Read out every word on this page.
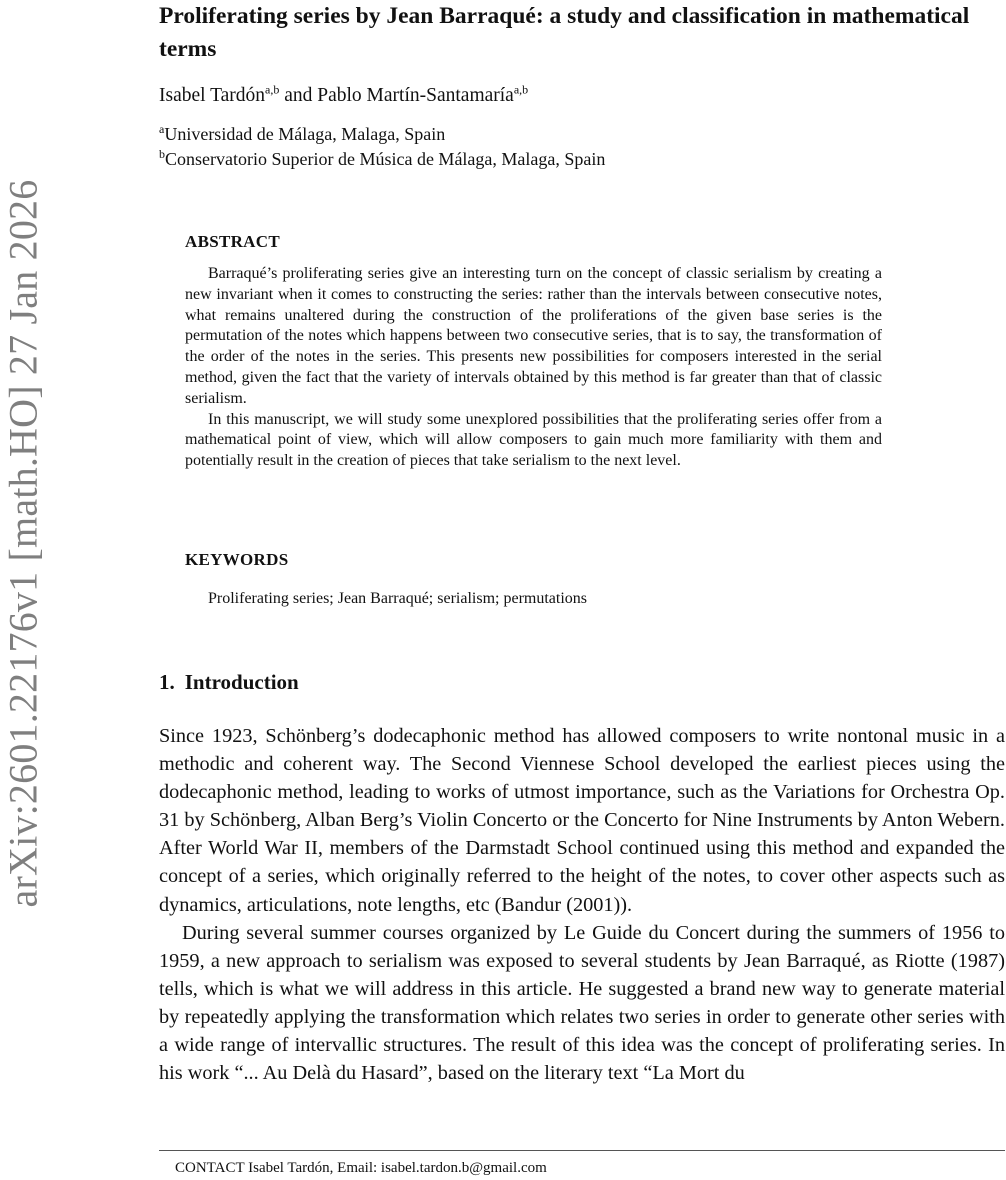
arXiv:2601.22176v1 [math.HO] 27 Jan 2026
Proliferating series by Jean Barraqué: a study and classification in mathematical terms
Isabel Tardón$^{a,b}$ and Pablo Martín-Santamaría$^{a,b}$
$^a$Universidad de Málaga, Malaga, Spain
$^b$Conservatorio Superior de Música de Málaga, Malaga, Spain
ABSTRACT

Barraqué’s proliferating series give an interesting turn on the concept of classic serialism by creating a new invariant when it comes to constructing the series: rather than the intervals between consecutive notes, what remains unaltered during the construction of the proliferations of the given base series is the permutation of the notes which happens between two consecutive series, that is to say, the transformation of the order of the notes in the series. This presents new possibilities for composers interested in the serial method, given the fact that the variety of intervals obtained by this method is far greater than that of classic serialism.

In this manuscript, we will study some unexplored possibilities that the proliferating series offer from a mathematical point of view, which will allow composers to gain much more familiarity with them and potentially result in the creation of pieces that take serialism to the next level.

KEYWORDS

Proliferating series; Jean Barraqué; serialism; permutations

1. Introduction

Since 1923, Schönberg’s dodecaphonic method has allowed composers to write nontonal music in a methodic and coherent way. The Second Viennese School developed the earliest pieces using the dodecaphonic method, leading to works of utmost importance, such as the Variations for Orchestra Op. 31 by Schönberg, Alban Berg’s Violin Concerto or the Concerto for Nine Instruments by Anton Webern. After World War II, members of the Darmstadt School continued using this method and expanded the concept of a series, which originally referred to the height of the notes, to cover other aspects such as dynamics, articulations, note lengths, etc (Bandur (2001)).

During several summer courses organized by Le Guide du Concert during the summers of 1956 to 1959, a new approach to serialism was exposed to several students by Jean Barraqué, as Riotte (1987) tells, which is what we will address in this article. He suggested a brand new way to generate material by repeatedly applying the transformation which relates two series in order to generate other series with a wide range of intervallic structures. The result of this idea was the concept of proliferating series. In his work “... Au Delà du Hasard”, based on the literary text “La Mort du

CONTACT Isabel Tardón, Email: isabel.tardon.b@gmail.com
